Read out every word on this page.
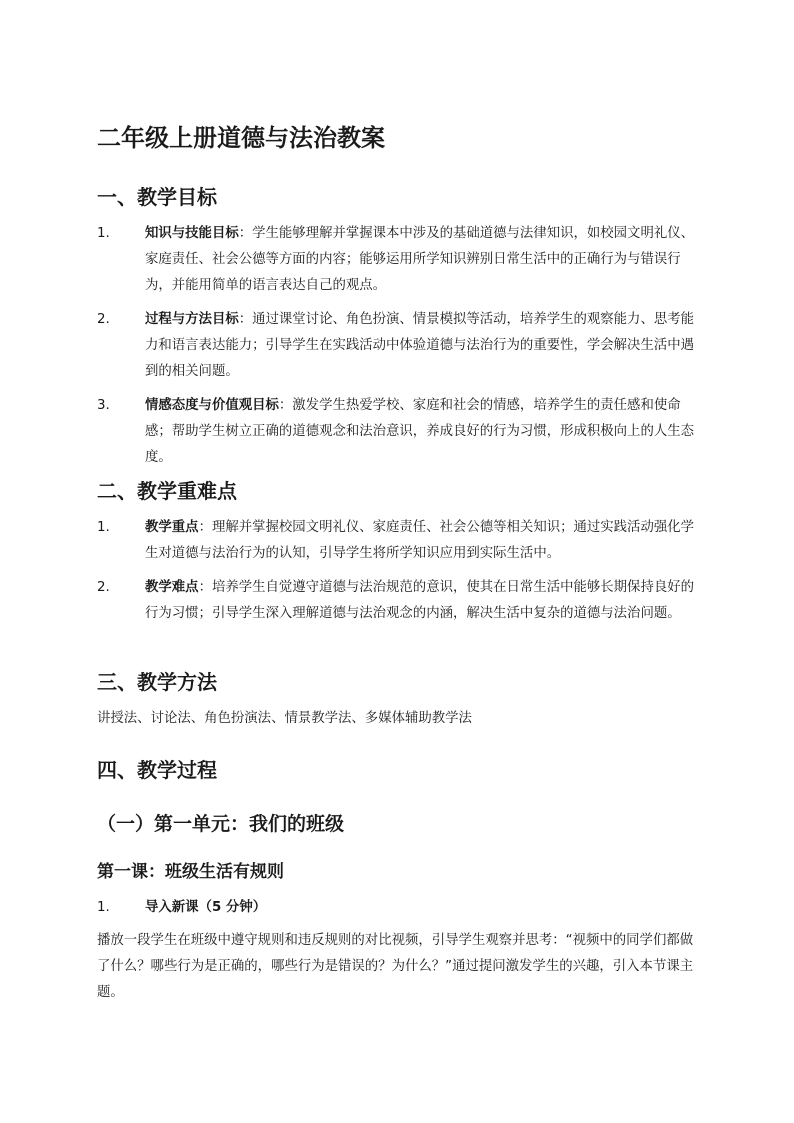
二年级上册道德与法治教案
一、教学目标
1.	知识与技能目标：学生能够理解并掌握课本中涉及的基础道德与法律知识，如校园文明礼仪、家庭责任、社会公德等方面的内容；能够运用所学知识辨别日常生活中的正确行为与错误行为，并能用简单的语言表达自己的观点。
2.	过程与方法目标：通过课堂讨论、角色扮演、情景模拟等活动，培养学生的观察能力、思考能力和语言表达能力；引导学生在实践活动中体验道德与法治行为的重要性，学会解决生活中遇到的相关问题。
3.	情感态度与价值观目标：激发学生热爱学校、家庭和社会的情感，培养学生的责任感和使命感；帮助学生树立正确的道德观念和法治意识，养成良好的行为习惯，形成积极向上的人生态度。
二、教学重难点
1.	教学重点：理解并掌握校园文明礼仪、家庭责任、社会公德等相关知识；通过实践活动强化学生对道德与法治行为的认知，引导学生将所学知识应用到实际生活中。
2.	教学难点：培养学生自觉遵守道德与法治规范的意识，使其在日常生活中能够长期保持良好的行为习惯；引导学生深入理解道德与法治观念的内涵，解决生活中复杂的道德与法治问题。
三、教学方法

讲授法、讨论法、角色扮演法、情景教学法、多媒体辅助教学法

四、教学过程
（一）第一单元：我们的班级
第一课：班级生活有规则
1.	导入新课（5 分钟）

播放一段学生在班级中遵守规则和违反规则的对比视频，引导学生观察并思考：“视频中的同学们都做了什么？哪些行为是正确的，哪些行为是错误的？为什么？”通过提问激发学生的兴趣，引入本节课主题。
